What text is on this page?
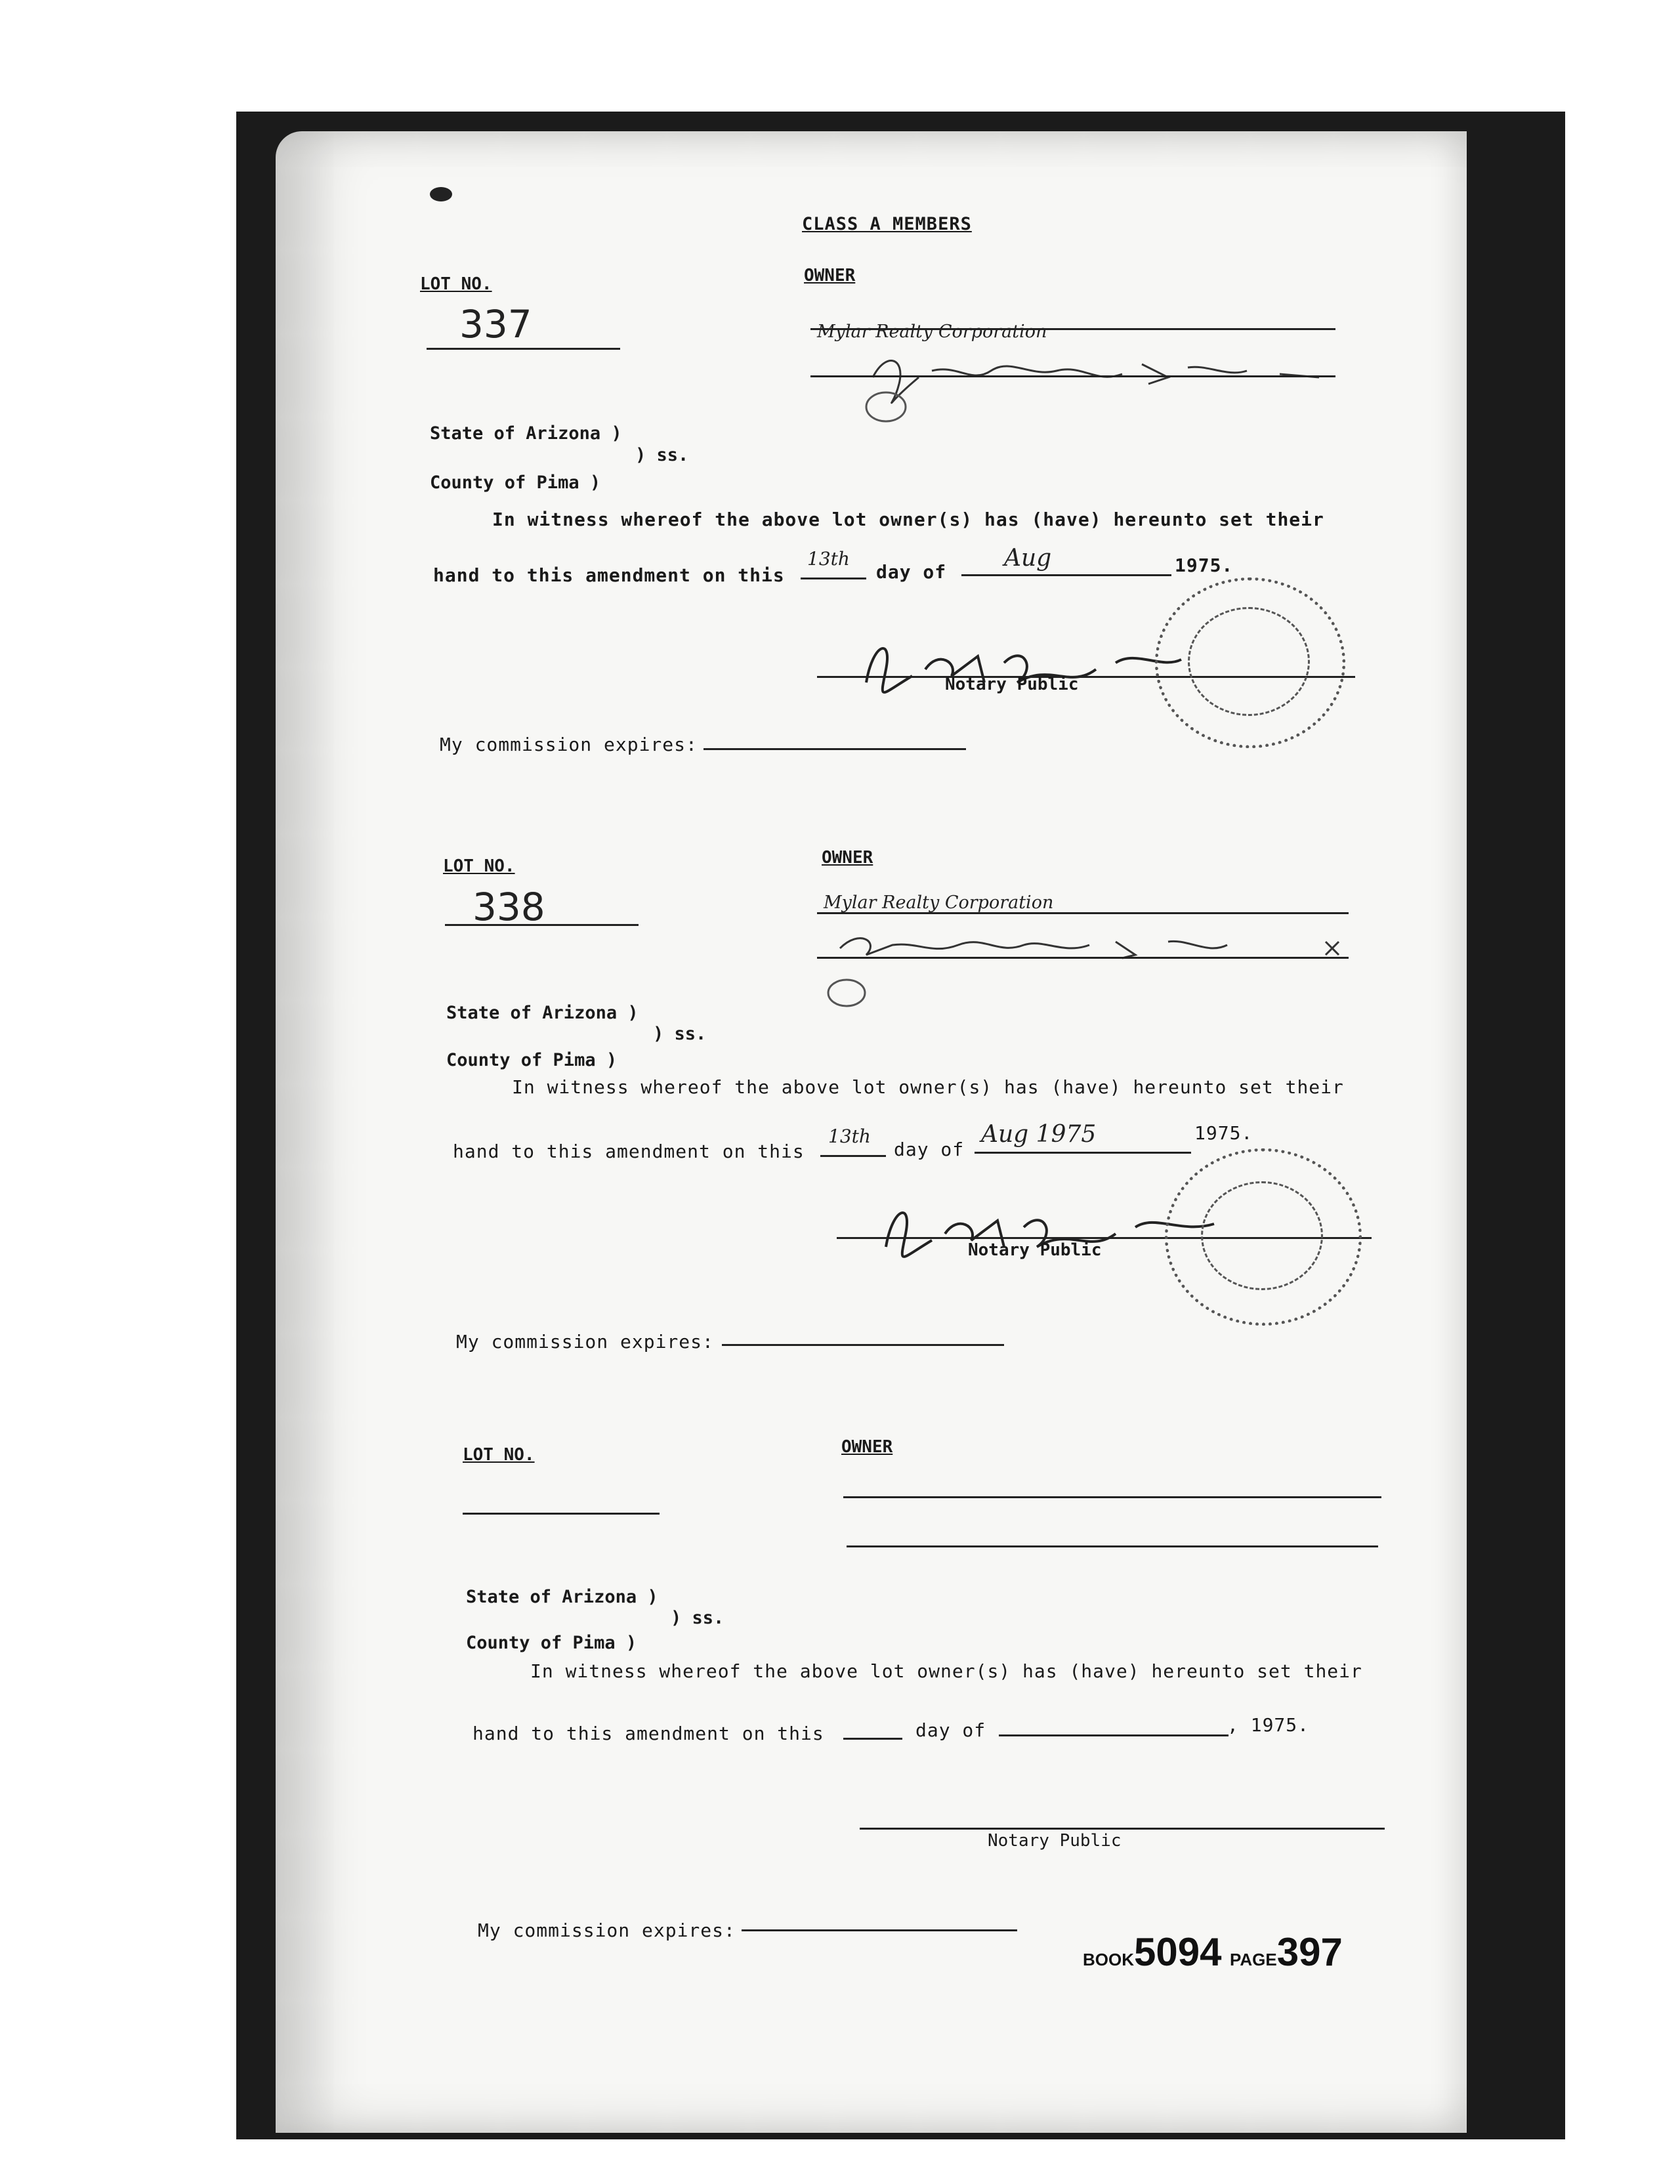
CLASS A MEMBERS
LOT NO.	OWNER
337	Mylar Realty Corporation
State of Arizona )
) ss.
County of Pima )
In witness whereof the above lot owner(s) has (have) hereunto set their
hand to this amendment on this
13th
day of
Aug	1975.
Notary Public
My commission expires:
LOT NO.	OWNER
338	Mylar Realty Corporation
State of Arizona )
) ss.
County of Pima )
In witness whereof the above lot owner(s) has (have) hereunto set their
hand to this amendment on this
13th
day of
Aug 1975	1975.
Notary Public
My commission expires:
LOT NO.	OWNER
State of Arizona )
) ss.
County of Pima )
In witness whereof the above lot owner(s) has (have) hereunto set their
hand to this amendment on this	day of	, 1975.
Notary Public
My commission expires:
BOOK5094 PAGE397
